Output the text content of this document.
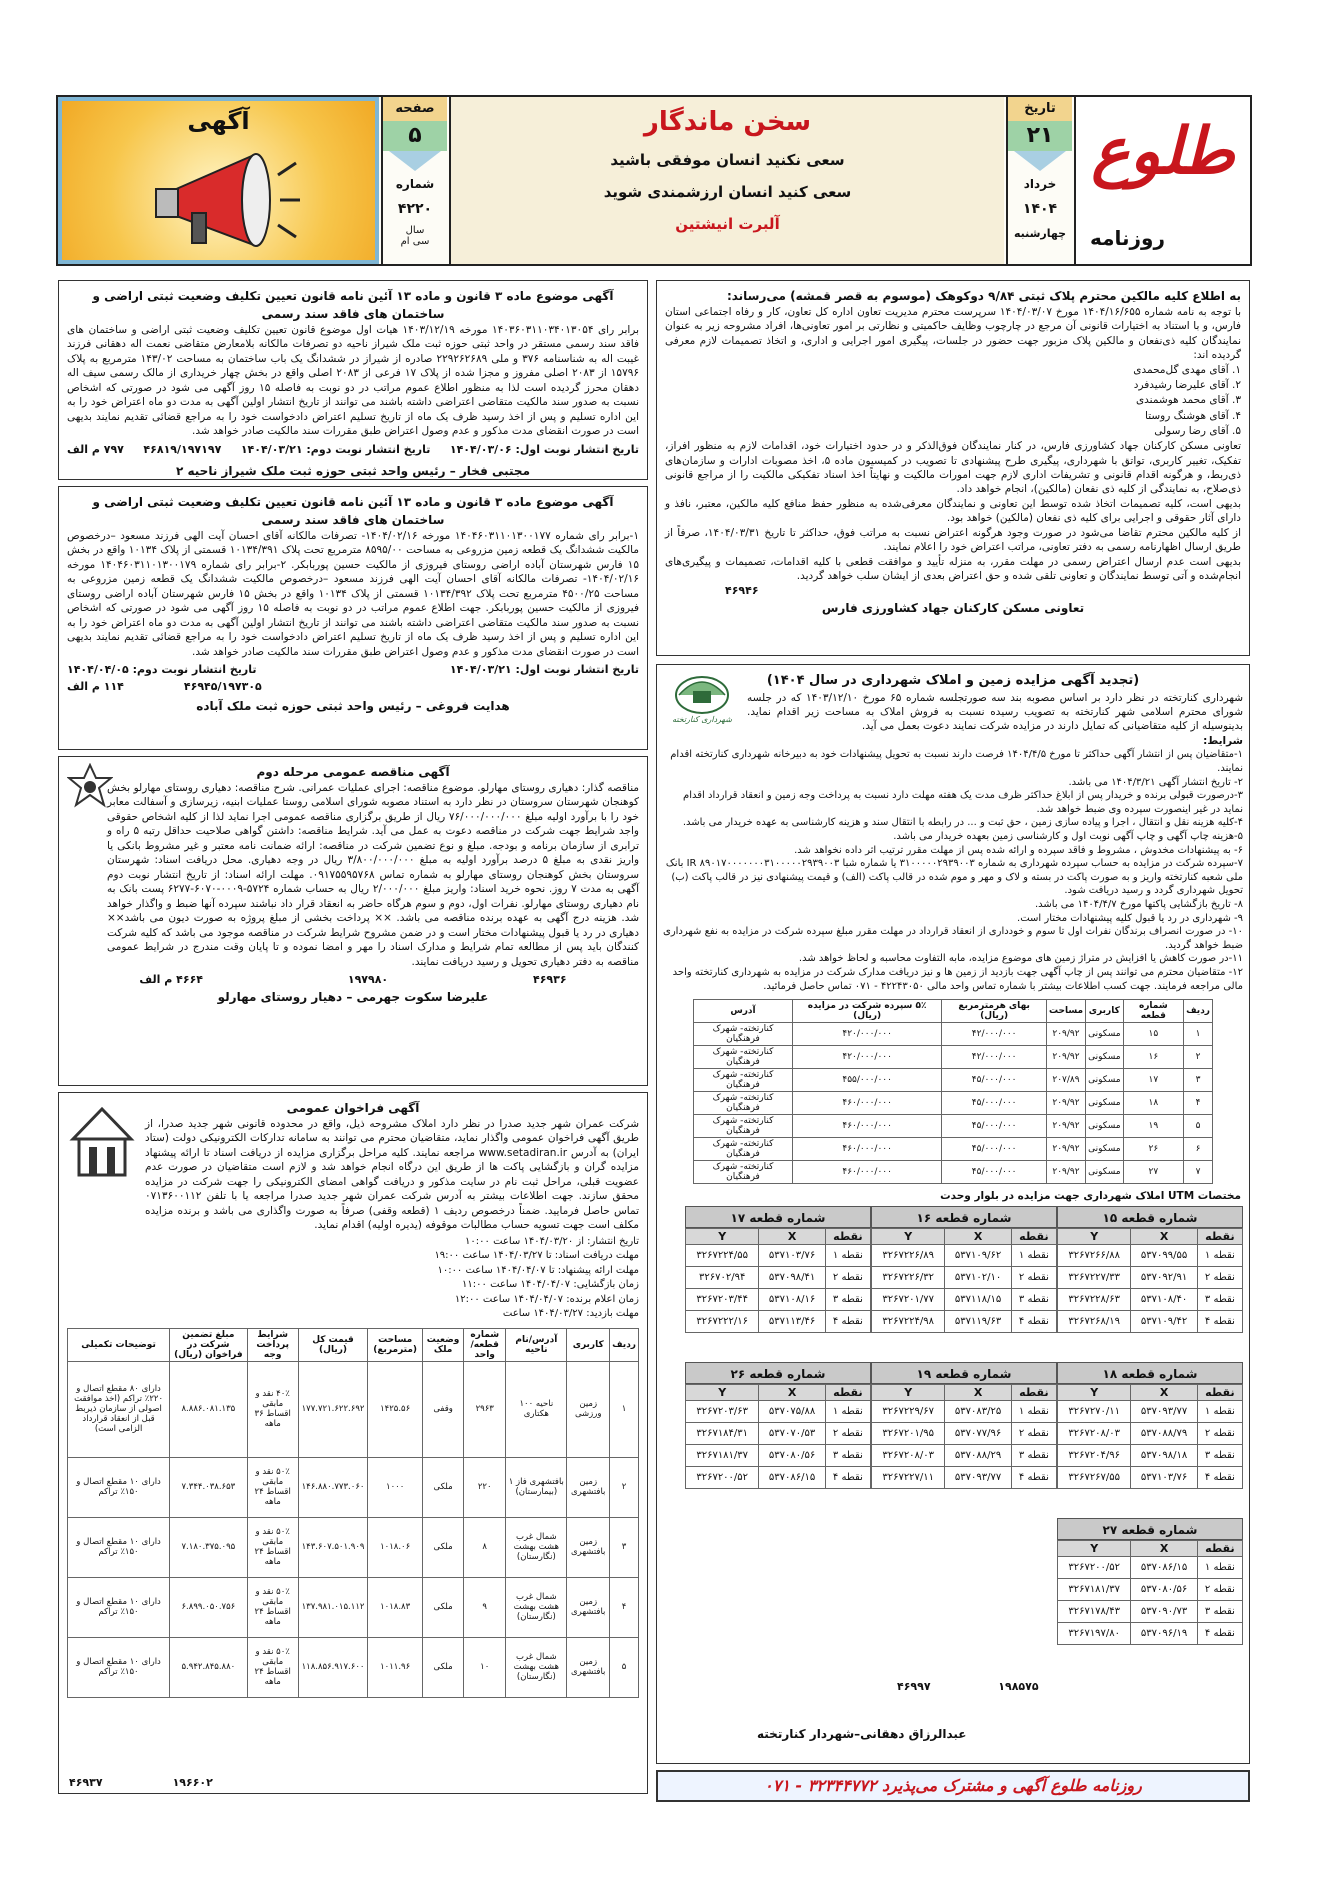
طلوع
روزنامه
تاریخ
۲۱
خرداد
۱۴۰۴
چهارشنبه
سخن ماندگار
سعی نکنید انسان موفقی باشید
سعی کنید انسان ارزشمندی شوید
آلبرت انیشتین
صفحه
۵
شماره
۴۲۲۰
سال
سی ام
آگهی
به اطلاع کلیه مالکین محترم پلاک ثبتی ۹/۸۴ دوکوهک (موسوم به قصر قمشه) می‌رساند:
با توجه به نامه شماره ۱۴۰۴/۱۶/۶۵۵ مورخ ۱۴۰۴/۰۳/۰۷ سرپرست محترم مدیریت تعاون اداره کل تعاون، کار و رفاه اجتماعی استان فارس، و با استناد به اختیارات قانونی آن مرجع در چارچوب وظایف حاکمیتی و نظارتی بر امور تعاونی‌ها، افراد مشروحه زیر به عنوان نمایندگان کلیه ذی‌نفعان و مالکین پلاک مزبور جهت حضور در جلسات، پیگیری امور اجرایی و اداری، و اتخاذ تصمیمات لازم معرفی گردیده اند:
۱. آقای مهدی گل‌محمدی
۲. آقای علیرضا رشیدفرد
۳. آقای محمد هوشمندی
۴. آقای هوشنگ روستا
۵. آقای رضا رسولی
تعاونی مسکن کارکنان جهاد کشاورزی فارس، در کنار نمایندگان فوق‌الذکر و در حدود اختیارات خود، اقدامات لازم به منظور افراز، تفکیک، تغییر کاربری، تواتق با شهرداری، پیگیری طرح پیشنهادی تا تصویب در کمیسیون ماده ۵، اخذ مصوبات ادارات و سازمان‌های ذی‌ربط، و هرگونه اقدام قانونی و تشریفات اداری لازم جهت امورات مالکیت و نهایتاً اخذ اسناد تفکیکی مالکیت را از مراجع قانونی ذی‌صلاح، به نمایندگی از کلیه ذی نفعان (مالکین)، انجام خواهد داد.
بدیهی است، کلیه تصمیمات اتخاذ شده توسط این تعاونی و نمایندگان معرفی‌شده به منظور حفظ منافع کلیه مالکین، معتبر، نافذ و دارای آثار حقوقی و اجرایی برای کلیه ذی نفعان (مالکین) خواهد بود.
از کلیه مالکین محترم تقاضا می‌شود در صورت وجود هرگونه اعتراض نسبت به مراتب فوق، حداکثر تا تاریخ ۱۴۰۴/۰۳/۳۱، صرفاً از طریق ارسال اظهارنامه رسمی به دفتر تعاونی، مراتب اعتراض خود را اعلام نمایند.
بدیهی است عدم ارسال اعتراض رسمی در مهلت مقرر، به منزله تأیید و موافقت قطعی با کلیه اقدامات، تصمیمات و پیگیری‌های انجام‌شده و آتی توسط نمایندگان و تعاونی تلقی شده و حق اعتراض بعدی از ایشان سلب خواهد گردید.
۴۶۹۴۶
تعاونی مسکن کارکنان جهاد کشاورزی فارس
شهرداری کنارتخته
(تجدید آگهی مزایده زمین و املاک شهرداری در سال ۱۴۰۴)
شهرداری کنارتخته در نظر دارد بر اساس مصوبه بند سه صورتجلسه شماره ۶۵ مورخ ۱۴۰۳/۱۲/۱۰ که در جلسه شورای محترم اسلامی شهر کنارتخته به تصویب رسیده نسبت به فروش املاک به مساحت زیر اقدام نماید. بدینوسیله از کلیه متقاضیانی که تمایل دارند در مزایده شرکت نمایند دعوت بعمل می آید.
شرایط:
۱-متقاضیان پس از انتشار آگهی حداکثر تا مورخ ۱۴۰۴/۴/۵ فرصت دارند نسبت به تحویل پیشنهادات خود به دبیرخانه شهرداری کنارتخته اقدام نمایند.
۲- تاریخ انتشار آگهی ۱۴۰۴/۳/۲۱ می باشد.
۳-درصورت قبولی برنده و خریدار پس از ابلاغ حداکثر ظرف مدت یک هفته مهلت دارد نسبت به پرداخت وجه زمین و انعقاد قرارداد اقدام نماید در غیر اینصورت سپرده وی ضبط خواهد شد.
۴-کلیه هزینه نقل و انتقال ، اجرا و پیاده سازی زمین ، حق ثبت و ... در رابطه با انتقال سند و هزینه کارشناسی به عهده خریدار می باشد.
۵-هزینه چاپ آگهی و چاپ آگهی نوبت اول و کارشناسی زمین بعهده خریدار می باشد.
۶- به پیشنهادات مخدوش ، مشروط و فاقد سپرده و ارائه شده پس از مهلت مقرر ترتیب اثر داده نخواهد شد.
۷-سپرده شرکت در مزایده به حساب سپرده شهرداری به شماره ۳۱۰۰۰۰۰۲۹۳۹۰۰۳ یا شماره شبا IR ۸۹۰۱۷۰۰۰۰۰۰۰۳۱۰۰۰۰۰۲۹۳۹۰۰۳ بانک ملی شعبه کنارتخته واریز و به صورت پاکت در بسته و لاک و مهر و موم شده در قالب پاکت (الف) و قیمت پیشنهادی نیز در قالب پاکت (ب) تحویل شهرداری گردد و رسید دریافت شود.
۸- تاریخ بازگشایی پاکتها مورخ ۱۴۰۴/۴/۷ می باشد.
۹- شهرداری در رد یا قبول کلیه پیشنهادات مختار است.
۱۰- در صورت انصراف برندگان نفرات اول تا سوم و خودداری از انعقاد قرارداد در مهلت مقرر مبلغ سپرده شرکت در مزایده به نفع شهرداری ضبط خواهد گردید.
۱۱-در صورت کاهش یا افزایش در متراژ زمین های موضوع مزایده، مابه التفاوت محاسبه و لحاظ خواهد شد.
۱۲- متقاضیان محترم می توانند پس از چاپ آگهی جهت بازدید از زمین ها و نیز دریافت مدارک شرکت در مزایده به شهرداری کنارتخته واحد مالی مراجعه فرمایند. جهت کسب اطلاعات بیشتر با شماره تماس واحد مالی ۴۲۲۴۳۰۵۰ - ۰۷۱ تماس حاصل فرمائید.
ردیف	شماره قطعه	کاربری	مساحت	بهای هرمترمربع (ریال)	۵٪ سپرده شرکت در مزایده (ریال)	آدرس
۱	۱۵	مسکونی	۲۰۹/۹۲	۴۲/۰۰۰/۰۰۰	۴۲۰/۰۰۰/۰۰۰	کنارتخته- شهرک فرهنگیان
۲	۱۶	مسکونی	۲۰۹/۹۲	۴۲/۰۰۰/۰۰۰	۴۲۰/۰۰۰/۰۰۰	کنارتخته- شهرک فرهنگیان
۳	۱۷	مسکونی	۲۰۷/۸۹	۴۵/۰۰۰/۰۰۰	۴۵۵/۰۰۰/۰۰۰	کنارتخته- شهرک فرهنگیان
۴	۱۸	مسکونی	۲۰۹/۹۲	۴۵/۰۰۰/۰۰۰	۴۶۰/۰۰۰/۰۰۰	کنارتخته- شهرک فرهنگیان
۵	۱۹	مسکونی	۲۰۹/۹۲	۴۵/۰۰۰/۰۰۰	۴۶۰/۰۰۰/۰۰۰	کنارتخته- شهرک فرهنگیان
۶	۲۶	مسکونی	۲۰۹/۹۲	۴۵/۰۰۰/۰۰۰	۴۶۰/۰۰۰/۰۰۰	کنارتخته- شهرک فرهنگیان
۷	۲۷	مسکونی	۲۰۹/۹۲	۴۵/۰۰۰/۰۰۰	۴۶۰/۰۰۰/۰۰۰	کنارتخته- شهرک فرهنگیان
مختصات UTM املاک شهرداری جهت مزایده در بلوار وحدت
شماره قطعه ۱۵
نقطه	X	Y
نقطه ۱	۵۳۷۰۹۹/۵۵	۳۲۶۷۲۶۶/۸۸
نقطه ۲	۵۳۷۰۹۲/۹۱	۳۲۶۷۲۲۷/۳۳
نقطه ۳	۵۳۷۱۰۸/۴۰	۳۲۶۷۲۲۸/۶۳
نقطه ۴	۵۳۷۱۰۹/۴۲	۳۲۶۷۲۶۸/۱۹
شماره قطعه ۱۶
نقطه	X	Y
نقطه ۱	۵۳۷۱۰۹/۶۲	۳۲۶۷۲۲۶/۸۹
نقطه ۲	۵۳۷۱۰۲/۱۰	۳۲۶۷۲۲۶/۳۲
نقطه ۳	۵۳۷۱۱۸/۱۵	۳۲۶۷۲۰۱/۷۷
نقطه ۴	۵۳۷۱۱۹/۶۳	۳۲۶۷۲۲۴/۹۸
شماره قطعه ۱۷
نقطه	X	Y
نقطه ۱	۵۳۷۱۰۳/۷۶	۳۲۶۷۲۲۴/۵۵
نقطه ۲	۵۳۷۰۹۸/۴۱	۳۲۶۷۰۲/۹۴
نقطه ۳	۵۳۷۱۰۸/۱۶	۳۲۶۷۲۰۳/۴۴
نقطه ۴	۵۳۷۱۱۳/۴۶	۳۲۶۷۲۲۲/۱۶
شماره قطعه ۱۸
نقطه	X	Y
نقطه ۱	۵۳۷۰۹۳/۷۷	۳۲۶۷۲۷۰/۱۱
نقطه ۲	۵۳۷۰۸۸/۷۹	۳۲۶۷۲۰۸/۰۳
نقطه ۳	۵۳۷۰۹۸/۱۸	۳۲۶۷۲۰۴/۹۶
نقطه ۴	۵۳۷۱۰۳/۷۶	۳۲۶۷۲۶۷/۵۵
شماره قطعه ۱۹
نقطه	X	Y
نقطه ۱	۵۳۷۰۸۳/۲۵	۳۲۶۷۲۲۹/۶۷
نقطه ۲	۵۳۷۰۷۷/۹۶	۳۲۶۷۲۰۱/۹۵
نقطه ۳	۵۳۷۰۸۸/۲۹	۳۲۶۷۲۰۸/۰۳
نقطه ۴	۵۳۷۰۹۳/۷۷	۳۲۶۷۲۲۷/۱۱
شماره قطعه ۲۶
نقطه	X	Y
نقطه ۱	۵۳۷۰۷۵/۸۸	۳۲۶۷۲۰۳/۶۳
نقطه ۲	۵۳۷۰۷۰/۵۳	۳۲۶۷۱۸۴/۳۱
نقطه ۳	۵۳۷۰۸۰/۵۶	۳۲۶۷۱۸۱/۳۷
نقطه ۴	۵۳۷۰۸۶/۱۵	۳۲۶۷۲۰۰/۵۲
شماره قطعه ۲۷
نقطه	X	Y
نقطه ۱	۵۳۷۰۸۶/۱۵	۳۲۶۷۲۰۰/۵۲
نقطه ۲	۵۳۷۰۸۰/۵۶	۳۲۶۷۱۸۱/۳۷
نقطه ۳	۵۳۷۰۹۰/۷۳	۳۲۶۷۱۷۸/۴۳
نقطه ۴	۵۳۷۰۹۶/۱۹	۳۲۶۷۱۹۷/۸۰
۱۹۸۵۷۵  ۴۶۹۹۷
عبدالرزاق دهقانی–شهردار کنارتخته
روزنامه طلوع آگهی و مشترک می‌پذیرد ۳۲۳۴۴۷۷۲ - ۰۷۱
آگهی موضوع ماده ۳ قانون و ماده ۱۳ آئین نامه قانون تعیین تکلیف وضعیت ثبتی اراضی و ساختمان های فاقد سند رسمی
برابر رای ۱۴۰۳۶۰۳۱۱۰۳۴۰۱۳۰۵۴ مورخه ۱۴۰۳/۱۲/۱۹ هیات اول موضوع قانون تعیین تکلیف وضعیت ثبتی اراضی و ساختمان های فاقد سند رسمی مستقر در واحد ثبتی حوزه ثبت ملک شیراز ناحیه دو تصرفات مالکانه بلامعارض متقاضی نعمت اله دهقانی فرزند غیبت اله به شناسنامه ۳۷۶ و ملی ۲۲۹۲۶۲۶۸۹ صادره از شیراز در ششدانگ یک باب ساختمان به مساحت ۱۴۳/۰۲ مترمربع به پلاک ۱۵۷۹۶ از ۲۰۸۳ اصلی مفروز و مجزا شده از پلاک ۱۷ فرعی از ۲۰۸۳ اصلی واقع در بخش چهار خریداری از مالک رسمی سیف اله دهقان محرز گردیده است لذا به منظور اطلاع عموم مراتب در دو نوبت به فاصله ۱۵ روز آگهی می شود در صورتی که اشخاص نسبت به صدور سند مالکیت متقاضی اعتراضی داشته باشند می توانند از تاریخ انتشار اولین آگهی به مدت دو ماه اعتراض خود را به این اداره تسلیم و پس از اخذ رسید ظرف یک ماه از تاریخ تسلیم اعتراض دادخواست خود را به مراجع قضائی تقدیم نمایند بدیهی است در صورت انقضای مدت مذکور و عدم وصول اعتراض طبق مقررات سند مالکیت صادر خواهد شد.
تاریخ انتشار نوبت اول: ۱۴۰۴/۰۳/۰۶
تاریخ انتشار نوبت دوم: ۱۴۰۴/۰۳/۲۱
۴۶۸۱۹/۱۹۷۱۹۷
۷۹۷ م الف
مجتبی فخار – رئیس واحد ثبتی حوزه ثبت ملک شیراز ناحیه ۲
آگهی موضوع ماده ۳ قانون و ماده ۱۳ آئین نامه قانون تعیین تکلیف وضعیت ثبتی اراضی و ساختمان های فاقد سند رسمی
۱-برابر رای شماره ۱۴۰۴۶۰۳۱۱۰۱۳۰۰۱۷۷ مورخه ۱۴۰۴/۰۲/۱۶- تصرفات مالکانه آقای احسان آیت الهی فرزند مسعود –درخصوص مالکیت ششدانگ یک قطعه زمین مزروعی به مساحت ۸۵۹۵/۰۰ مترمربع تحت پلاک ۱۰۱۳۴/۳۹۱ قسمتی از پلاک ۱۰۱۳۴ واقع در بخش ۱۵ فارس شهرستان آباده اراضی روستای فیروزی از مالکیت حسین پوربابکر. ۲-برابر رای شماره ۱۴۰۴۶۰۳۱۱۰۱۳۰۰۱۷۹ مورخه ۱۴۰۴/۰۲/۱۶- تصرفات مالکانه آقای احسان آیت الهی فرزند مسعود –درخصوص مالکیت ششدانگ یک قطعه زمین مزروعی به مساحت ۴۵۰۰/۲۵ مترمربع تحت پلاک ۱۰۱۳۴/۳۹۲ قسمتی از پلاک ۱۰۱۳۴ واقع در بخش ۱۵ فارس شهرستان آباده اراضی روستای فیروزی از مالکیت حسین پوربابکر. جهت اطلاع عموم مراتب در دو نوبت به فاصله ۱۵ روز آگهی می شود در صورتی که اشخاص نسبت به صدور سند مالکیت متقاضی اعتراضی داشته باشند می توانند از تاریخ انتشار اولین آگهی به مدت دو ماه اعتراض خود را به این اداره تسلیم و پس از اخذ رسید ظرف یک ماه از تاریخ تسلیم اعتراض دادخواست خود را به مراجع قضائی تقدیم نمایند بدیهی است در صورت انقضای مدت مذکور و عدم وصول اعتراض طبق مقررات سند مالکیت صادر خواهد شد.
تاریخ انتشار نوبت اول: ۱۴۰۴/۰۳/۲۱
تاریخ انتشار نوبت دوم: ۱۴۰۴/۰۴/۰۵
۴۶۹۴۵/۱۹۷۳۰۵
۱۱۴ م الف
هدایت فروغی – رئیس واحد ثبتی حوزه ثبت ملک آباده
آگهی مناقصه عمومی مرحله دوم
مناقصه گذار: دهیاری روستای مهارلو. موضوع مناقصه: اجرای عملیات عمرانی. شرح مناقصه: دهیاری روستای مهارلو بخش کوهنجان شهرستان سروستان در نظر دارد به استناد مصوبه شورای اسلامی روستا عملیات ابنیه، زیرسازی و آسفالت معابر خود را با برآورد اولیه مبلغ ۷۶/۰۰۰/۰۰۰/۰۰۰ ریال از طریق برگزاری مناقصه عمومی اجرا نماید لذا از کلیه اشخاص حقوقی واجد شرایط جهت شرکت در مناقصه دعوت به عمل می آید. شرایط مناقصه: داشتن گواهی صلاحیت حداقل رتبه ۵ راه و ترابری از سازمان برنامه و بودجه. مبلغ و نوع تضمین شرکت در مناقصه: ارائه ضمانت نامه معتبر و غیر مشروط بانکی یا واریز نقدی به مبلغ ۵ درصد برآورد اولیه به مبلغ ۳/۸۰۰/۰۰۰/۰۰۰ ریال در وجه دهیاری. محل دریافت اسناد: شهرستان سروستان بخش کوهنجان روستای مهارلو به شماره تماس ۰۹۱۷۵۵۹۵۷۶۸. مهلت ارائه اسناد: از تاریخ انتشار نوبت دوم آگهی به مدت ۷ روز. نحوه خرید اسناد: واریز مبلغ ۲/۰۰۰/۰۰۰ ریال به حساب شماره ۵۷۲۴-۰۰۰۹-۶۰۷۰-۶۲۷۷ پست بانک به نام دهیاری روستای مهارلو. نفرات اول، دوم و سوم هرگاه حاضر به انعقاد قرار داد نباشند سپرده آنها ضبط و واگذار خواهد شد. هزینه درج آگهی به عهده برنده مناقصه می باشد. ×× پرداخت بخشی از مبلغ پروژه به صورت دیون می باشد×× دهیاری در رد یا قبول پیشنهادات مختار است و در ضمن مشروح شرایط شرکت در مناقصه موجود می باشد که کلیه شرکت کنندگان باید پس از مطالعه تمام شرایط و مدارک اسناد را مهر و امضا نموده و تا پایان وقت مندرج در شرایط عمومی مناقصه به دفتر دهیاری تحویل و رسید دریافت نمایند.
۴۶۹۳۶
۱۹۷۹۸۰
۴۶۶۴ م الف
علیرضا سکوت جهرمی – دهیار روستای مهارلو
آگهی فراخوان عمومی
شرکت عمران شهر جدید صدرا در نظر دارد املاک مشروحه ذیل، واقع در محدوده قانونی شهر جدید صدرا، از طریق آگهی فراخوان عمومی واگذار نماید، متقاضیان محترم می توانند به سامانه تدارکات الکترونیکی دولت (ستاد ایران) به آدرس www.setadiran.ir مراجعه نمایند. کلیه مراحل برگزاری مزایده از دریافت اسناد تا ارائه پیشنهاد مزایده گران و بازگشایی پاکت ها از طریق این درگاه انجام خواهد شد و لازم است متقاضیان در صورت عدم عضویت قبلی، مراحل ثبت نام در سایت مذکور و دریافت گواهی امضای الکترونیکی را جهت شرکت در مزایده محقق سازند. جهت اطلاعات بیشتر به آدرس شرکت عمران شهر جدید صدرا مراجعه یا با تلفن ۰۷۱۳۶۰۰۱۱۲ تماس حاصل فرمایید. ضمناً درخصوص ردیف ۱ (قطعه وقفی) صرفاً به صورت واگذاری می باشد و برنده مزایده مکلف است جهت تسویه حساب مطالبات موقوفه (یدیره اولیه) اقدام نماید.
تاریخ انتشار: از ۱۴۰۴/۰۳/۲۰ ساعت ۱۰:۰۰
مهلت دریافت اسناد: تا ۱۴۰۴/۰۳/۲۷ ساعت ۱۹:۰۰
مهلت ارائه پیشنهاد: تا ۱۴۰۴/۰۴/۰۷ ساعت ۱۰:۰۰
زمان بازگشایی: ۱۴۰۴/۰۴/۰۷ ساعت ۱۱:۰۰
زمان اعلام برنده: ۱۴۰۴/۰۴/۰۷ ساعت ۱۲:۰۰
مهلت بازدید: ۱۴۰۴/۰۳/۲۷ ساعت
ردیف	کاربری	آدرس/نام ناحیه	شماره قطعه/واحد	وضعیت ملک	مساحت (مترمربع)	قیمت کل (ریال)	شرایط پرداخت وجه	مبلغ تضمین شرکت در فراخوان (ریال)	توضیحات تکمیلی
۱	زمین ورزشی	ناحیه ۱۰۰ هکتاری	۲۹۶۳	وقفی	۱۴۲۵.۵۶	۱۷۷.۷۲۱.۶۲۲.۶۹۲	۴۰٪ نقد و مابقی اقساط ۳۶ ماهه	۸.۸۸۶.۰۸۱.۱۳۵	دارای ۸۰ مقطع اتصال و ۲۲۰٪ تراکم (اخذ موافقت اصولی از سازمان ذیربط قبل از انعقاد قرارداد الزامی است)
۲	زمین بافتشهری	بافتشهری فاز ۱ (بیمارستان)	۲۲۰	ملکی	۱۰۰۰	۱۴۶.۸۸۰.۷۷۳.۰۶۰	۵۰٪ نقد و مابقی اقساط ۲۴ ماهه	۷.۳۴۴.۰۳۸.۶۵۳	دارای ۱۰ مقطع اتصال و ۱۵۰٪ تراکم
۳	زمین بافتشهری	شمال غرب هشت بهشت (نگارستان)	۸	ملکی	۱۰۱۸.۰۶	۱۴۳.۶۰۷.۵۰۱.۹۰۹	۵۰٪ نقد و مابقی اقساط ۲۴ ماهه	۷.۱۸۰.۳۷۵.۰۹۵	دارای ۱۰ مقطع اتصال و ۱۵۰٪ تراکم
۴	زمین بافتشهری	شمال غرب هشت بهشت (نگارستان)	۹	ملکی	۱۰۱۸.۸۳	۱۳۷.۹۸۱.۰۱۵.۱۱۲	۵۰٪ نقد و مابقی اقساط ۲۴ ماهه	۶.۸۹۹.۰۵۰.۷۵۶	دارای ۱۰ مقطع اتصال و ۱۵۰٪ تراکم
۵	زمین بافتشهری	شمال غرب هشت بهشت (نگارستان)	۱۰	ملکی	۱۰۱۱.۹۶	۱۱۸.۸۵۶.۹۱۷.۶۰۰	۵۰٪ نقد و مابقی اقساط ۲۴ ماهه	۵.۹۴۲.۸۴۵.۸۸۰	دارای ۱۰ مقطع اتصال و ۱۵۰٪ تراکم
۱۹۶۶۰۲
۴۶۹۳۷
